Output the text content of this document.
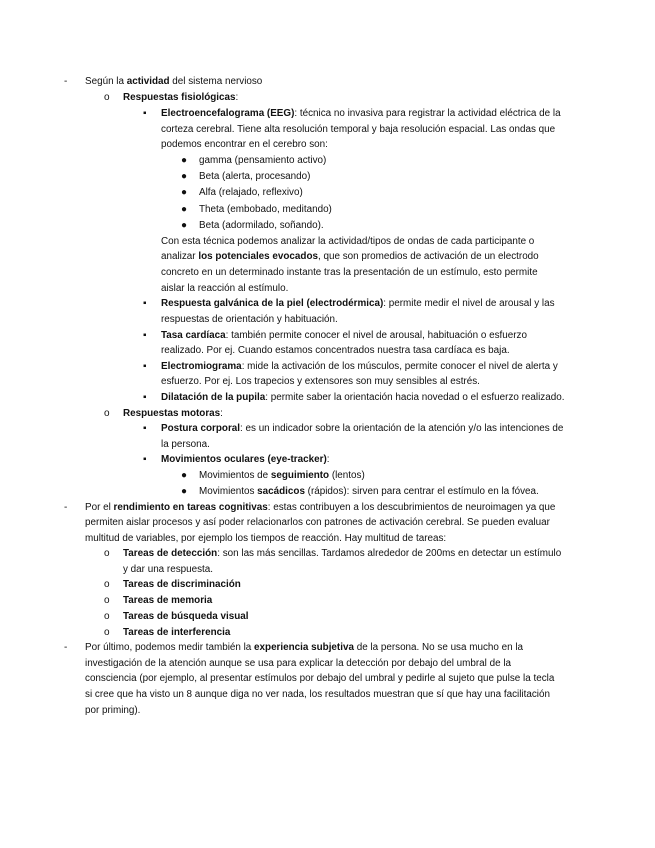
- Según la actividad del sistema nervioso
o Respuestas fisiológicas:
▪ Electroencefalograma (EEG): técnica no invasiva para registrar la actividad eléctrica de la
corteza cerebral. Tiene alta resolución temporal y baja resolución espacial. Las ondas que
podemos encontrar en el cerebro son:
● gamma (pensamiento activo)
● Beta (alerta, procesando)
● Alfa (relajado, reflexivo)
● Theta (embobado, meditando)
● Beta (adormilado, soñando).
Con esta técnica podemos analizar la actividad/tipos de ondas de cada participante o
analizar los potenciales evocados, que son promedios de activación de un electrodo
concreto en un determinado instante tras la presentación de un estímulo, esto permite
aislar la reacción al estímulo.
▪ Respuesta galvánica de la piel (electrodérmica): permite medir el nivel de arousal y las
respuestas de orientación y habituación.
▪ Tasa cardíaca: también permite conocer el nivel de arousal, habituación o esfuerzo
realizado. Por ej. Cuando estamos concentrados nuestra tasa cardíaca es baja.
▪ Electromiograma: mide la activación de los músculos, permite conocer el nivel de alerta y
esfuerzo. Por ej. Los trapecios y extensores son muy sensibles al estrés.
▪ Dilatación de la pupila: permite saber la orientación hacia novedad o el esfuerzo realizado.
o Respuestas motoras:
▪ Postura corporal: es un indicador sobre la orientación de la atención y/o las intenciones de
la persona.
▪ Movimientos oculares (eye-tracker):
● Movimientos de seguimiento (lentos)
● Movimientos sacádicos (rápidos): sirven para centrar el estímulo en la fóvea.
- Por el rendimiento en tareas cognitivas: estas contribuyen a los descubrimientos de neuroimagen ya que
permiten aislar procesos y así poder relacionarlos con patrones de activación cerebral. Se pueden evaluar
multitud de variables, por ejemplo los tiempos de reacción. Hay multitud de tareas:
o Tareas de detección: son las más sencillas. Tardamos alrededor de 200ms en detectar un estímulo
y dar una respuesta.
o Tareas de discriminación
o Tareas de memoria
o Tareas de búsqueda visual
o Tareas de interferencia
- Por último, podemos medir también la experiencia subjetiva de la persona. No se usa mucho en la
investigación de la atención aunque se usa para explicar la detección por debajo del umbral de la
consciencia (por ejemplo, al presentar estímulos por debajo del umbral y pedirle al sujeto que pulse la tecla
si cree que ha visto un 8 aunque diga no ver nada, los resultados muestran que sí que hay una facilitación
por priming).
